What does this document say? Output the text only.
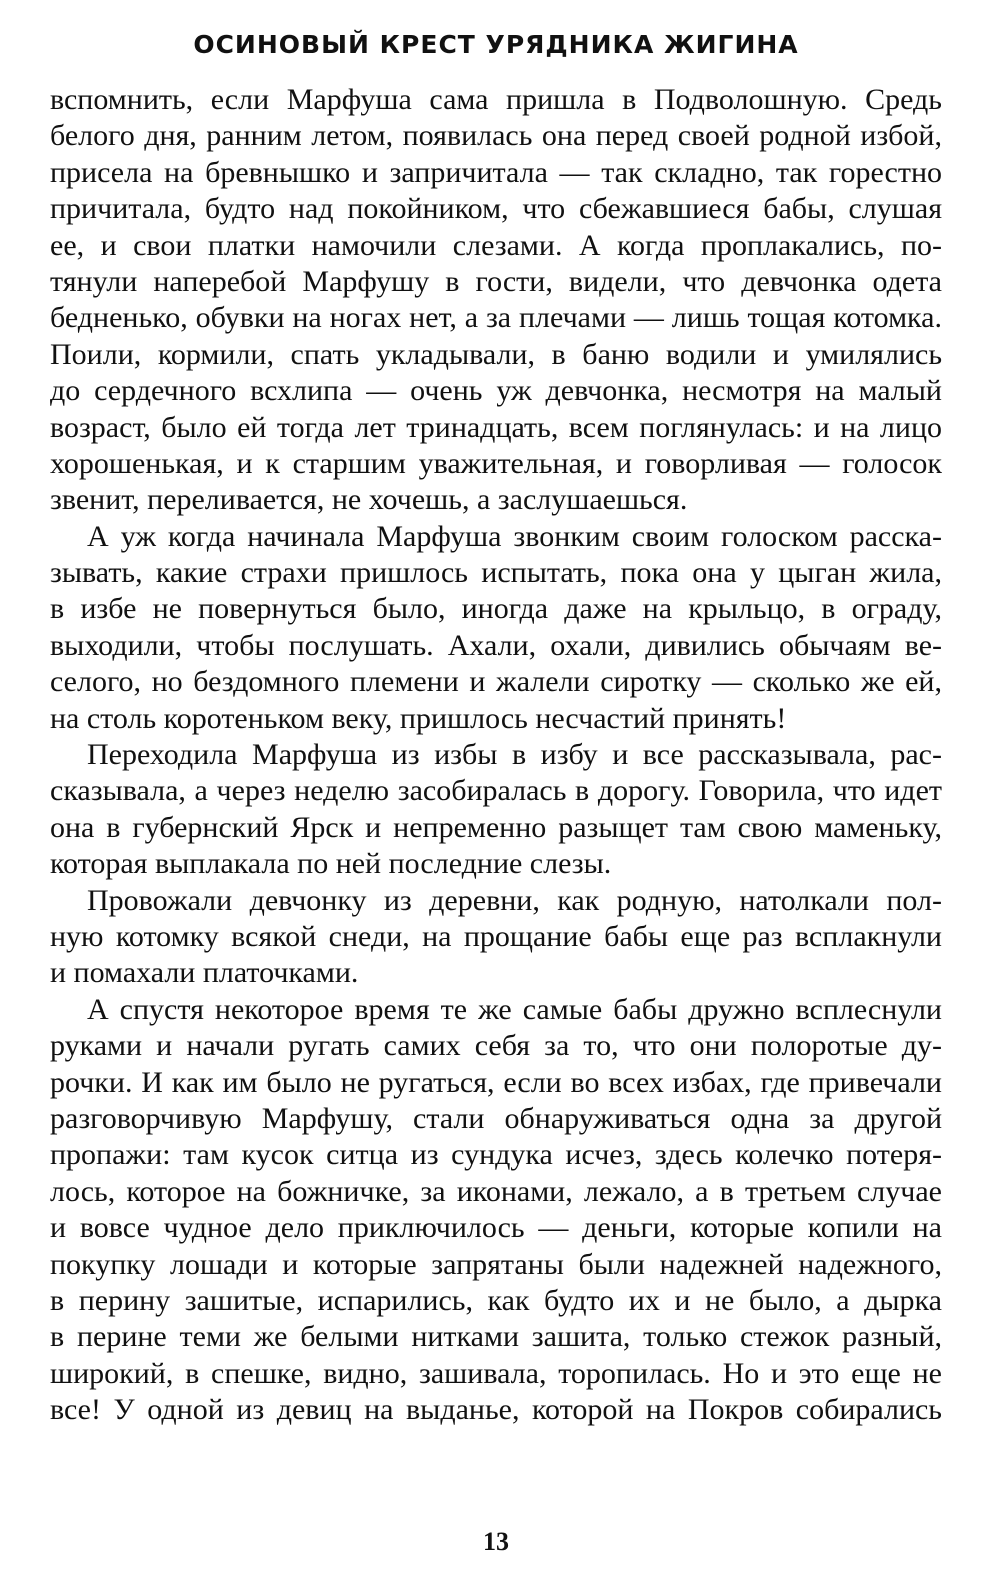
ОСИНОВЫЙ КРЕСТ УРЯДНИКА ЖИГИНА
вспомнить, если Марфуша сама пришла в Подволошную. Средь
белого дня, ранним летом, появилась она перед своей родной избой,
присела на бревнышко и запричитала — так складно, так горестно
причитала, будто над покойником, что сбежавшиеся бабы, слушая
ее, и свои платки намочили слезами. А когда проплакались, по-
тянули наперебой Марфушу в гости, видели, что девчонка одета
бедненько, обувки на ногах нет, а за плечами — лишь тощая котомка.
Поили, кормили, спать укладывали, в баню водили и умилялись
до сердечного всхлипа — очень уж девчонка, несмотря на малый
возраст, было ей тогда лет тринадцать, всем поглянулась: и на лицо
хорошенькая, и к старшим уважительная, и говорливая — голосок
звенит, переливается, не хочешь, а заслушаешься.
А уж когда начинала Марфуша звонким своим голоском расска-
зывать, какие страхи пришлось испытать, пока она у цыган жила,
в избе не повернуться было, иногда даже на крыльцо, в ограду,
выходили, чтобы послушать. Ахали, охали, дивились обычаям ве-
селого, но бездомного племени и жалели сиротку — сколько же ей,
на столь коротеньком веку, пришлось несчастий принять!
Переходила Марфуша из избы в избу и все рассказывала, рас-
сказывала, а через неделю засобиралась в дорогу. Говорила, что идет
она в губернский Ярск и непременно разыщет там свою маменьку,
которая выплакала по ней последние слезы.
Провожали девчонку из деревни, как родную, натолкали пол-
ную котомку всякой снеди, на прощание бабы еще раз всплакнули
и помахали платочками.
А спустя некоторое время те же самые бабы дружно всплеснули
руками и начали ругать самих себя за то, что они полоротые ду-
рочки. И как им было не ругаться, если во всех избах, где привечали
разговорчивую Марфушу, стали обнаруживаться одна за другой
пропажи: там кусок ситца из сундука исчез, здесь колечко потеря-
лось, которое на божничке, за иконами, лежало, а в третьем случае
и вовсе чудное дело приключилось — деньги, которые копили на
покупку лошади и которые запрятаны были надежней надежного,
в перину зашитые, испарились, как будто их и не было, а дырка
в перине теми же белыми нитками зашита, только стежок разный,
широкий, в спешке, видно, зашивала, торопилась. Но и это еще не
все! У одной из девиц на выданье, которой на Покров собирались
13
